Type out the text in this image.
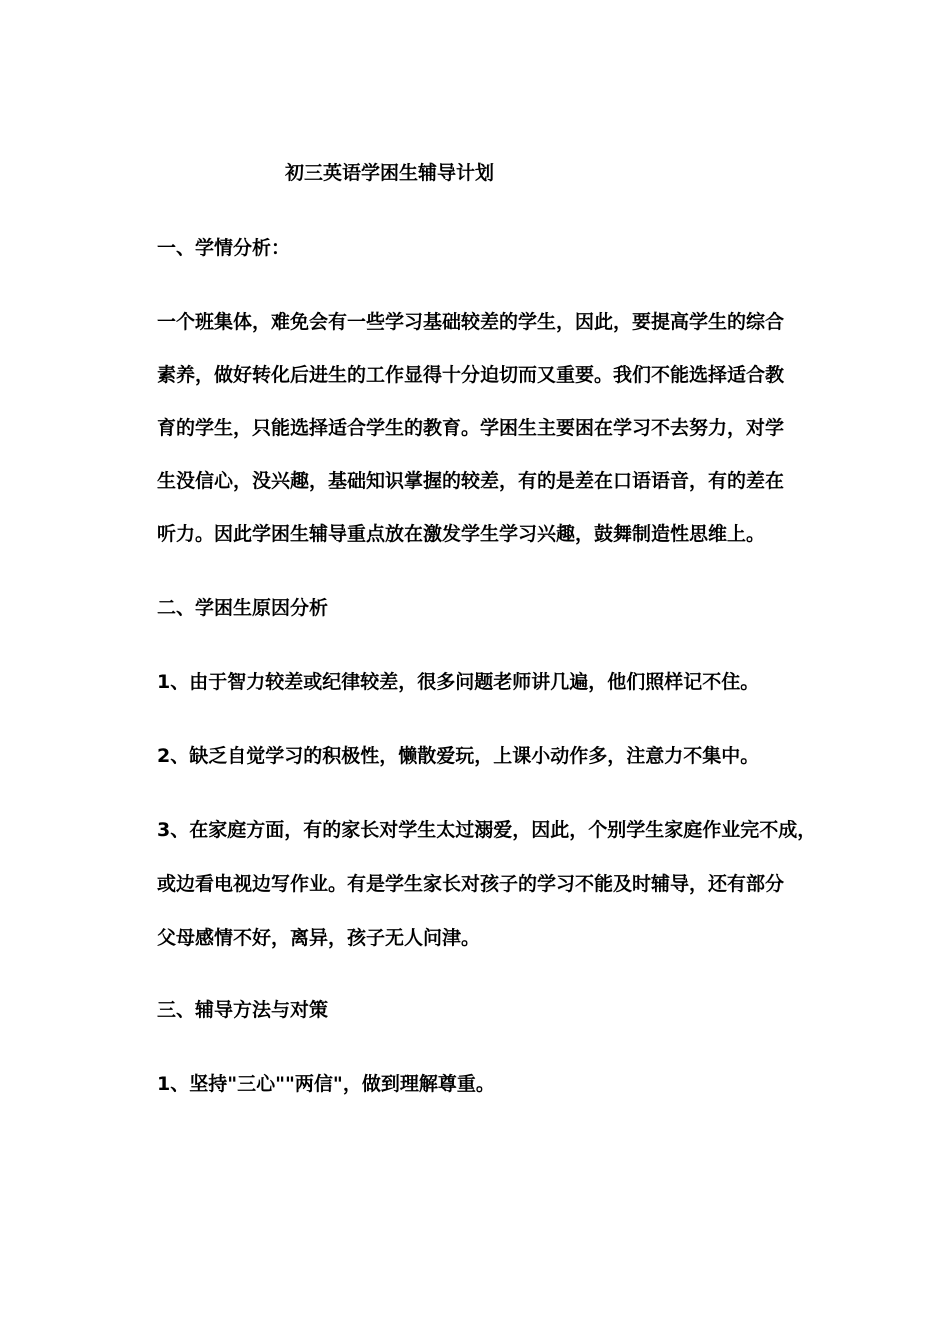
初三英语学困生辅导计划
一、学情分析：
一个班集体，难免会有一些学习基础较差的学生，因此，要提高学生的综合
素养，做好转化后进生的工作显得十分迫切而又重要。我们不能选择适合教
育的学生，只能选择适合学生的教育。学困生主要困在学习不去努力，对学
生没信心，没兴趣，基础知识掌握的较差，有的是差在口语语音，有的差在
听力。因此学困生辅导重点放在激发学生学习兴趣，鼓舞制造性思维上。
二、学困生原因分析
1、由于智力较差或纪律较差，很多问题老师讲几遍，他们照样记不住。
2、缺乏自觉学习的积极性，懒散爱玩，上课小动作多，注意力不集中。
3、在家庭方面，有的家长对学生太过溺爱，因此，个别学生家庭作业完不成，
或边看电视边写作业。有是学生家长对孩子的学习不能及时辅导，还有部分
父母感情不好，离异，孩子无人问津。
三、辅导方法与对策
1、坚持"三心""两信"，做到理解尊重。
